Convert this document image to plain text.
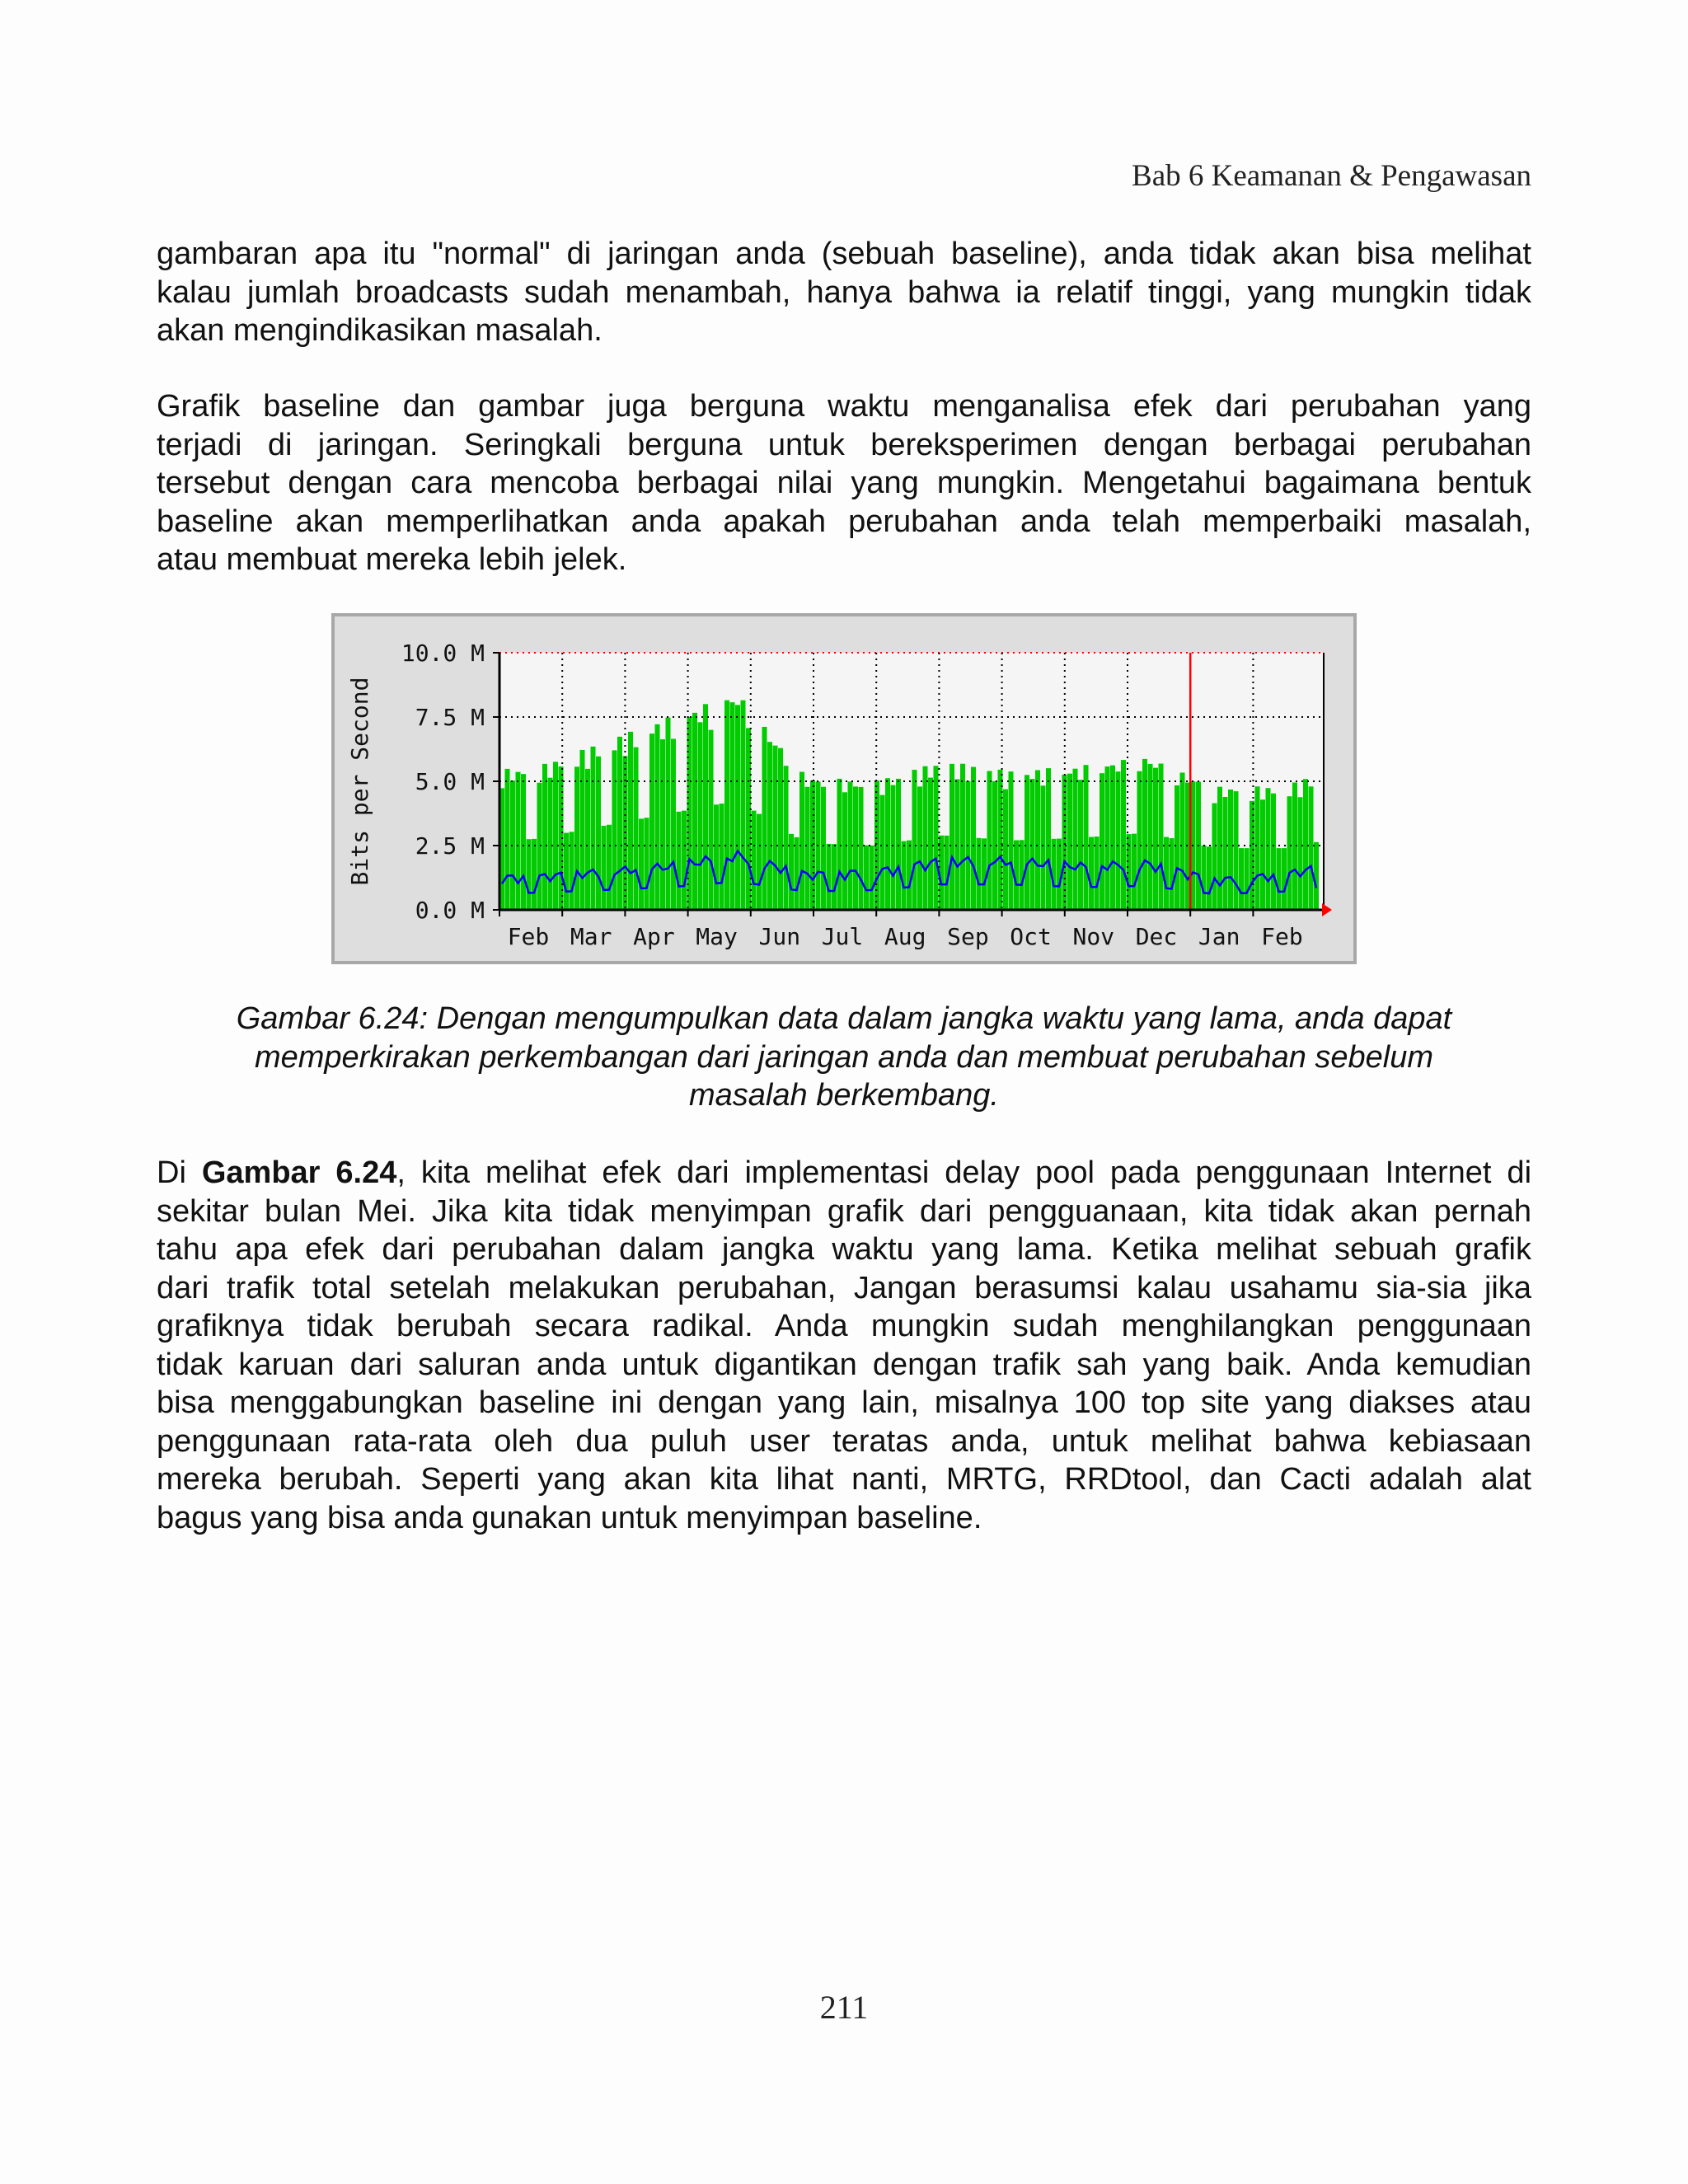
Bab 6 Keamanan & Pengawasan
gambaran apa itu "normal" di jaringan anda (sebuah baseline), anda tidak akan bisa melihat
kalau jumlah broadcasts sudah menambah, hanya bahwa ia relatif tinggi, yang mungkin tidak
akan mengindikasikan masalah.
Grafik baseline dan gambar juga berguna waktu menganalisa efek dari perubahan yang
terjadi di jaringan. Seringkali berguna untuk bereksperimen dengan berbagai perubahan
tersebut dengan cara mencoba berbagai nilai yang mungkin. Mengetahui bagaimana bentuk
baseline akan memperlihatkan anda apakah perubahan anda telah memperbaiki masalah,
atau membuat mereka lebih jelek.
0.0 M
2.5 M
5.0 M
7.5 M
10.0 M
Feb Mar Apr May Jun Jul Aug Sep Oct Nov Dec Jan Feb
Bits per Second
Gambar 6.24: Dengan mengumpulkan data dalam jangka waktu yang lama, anda dapat
memperkirakan perkembangan dari jaringan anda dan membuat perubahan sebelum
masalah berkembang.
Di Gambar 6.24, kita melihat efek dari implementasi delay pool pada penggunaan Internet di
sekitar bulan Mei. Jika kita tidak menyimpan grafik dari pengguanaan, kita tidak akan pernah
tahu apa efek dari perubahan dalam jangka waktu yang lama. Ketika melihat sebuah grafik
dari trafik total setelah melakukan perubahan, Jangan berasumsi kalau usahamu sia-sia jika
grafiknya tidak berubah secara radikal. Anda mungkin sudah menghilangkan penggunaan
tidak karuan dari saluran anda untuk digantikan dengan trafik sah yang baik. Anda kemudian
bisa menggabungkan baseline ini dengan yang lain, misalnya 100 top site yang diakses atau
penggunaan rata-rata oleh dua puluh user teratas anda, untuk melihat bahwa kebiasaan
mereka berubah. Seperti yang akan kita lihat nanti, MRTG, RRDtool, dan Cacti adalah alat
bagus yang bisa anda gunakan untuk menyimpan baseline.
211
